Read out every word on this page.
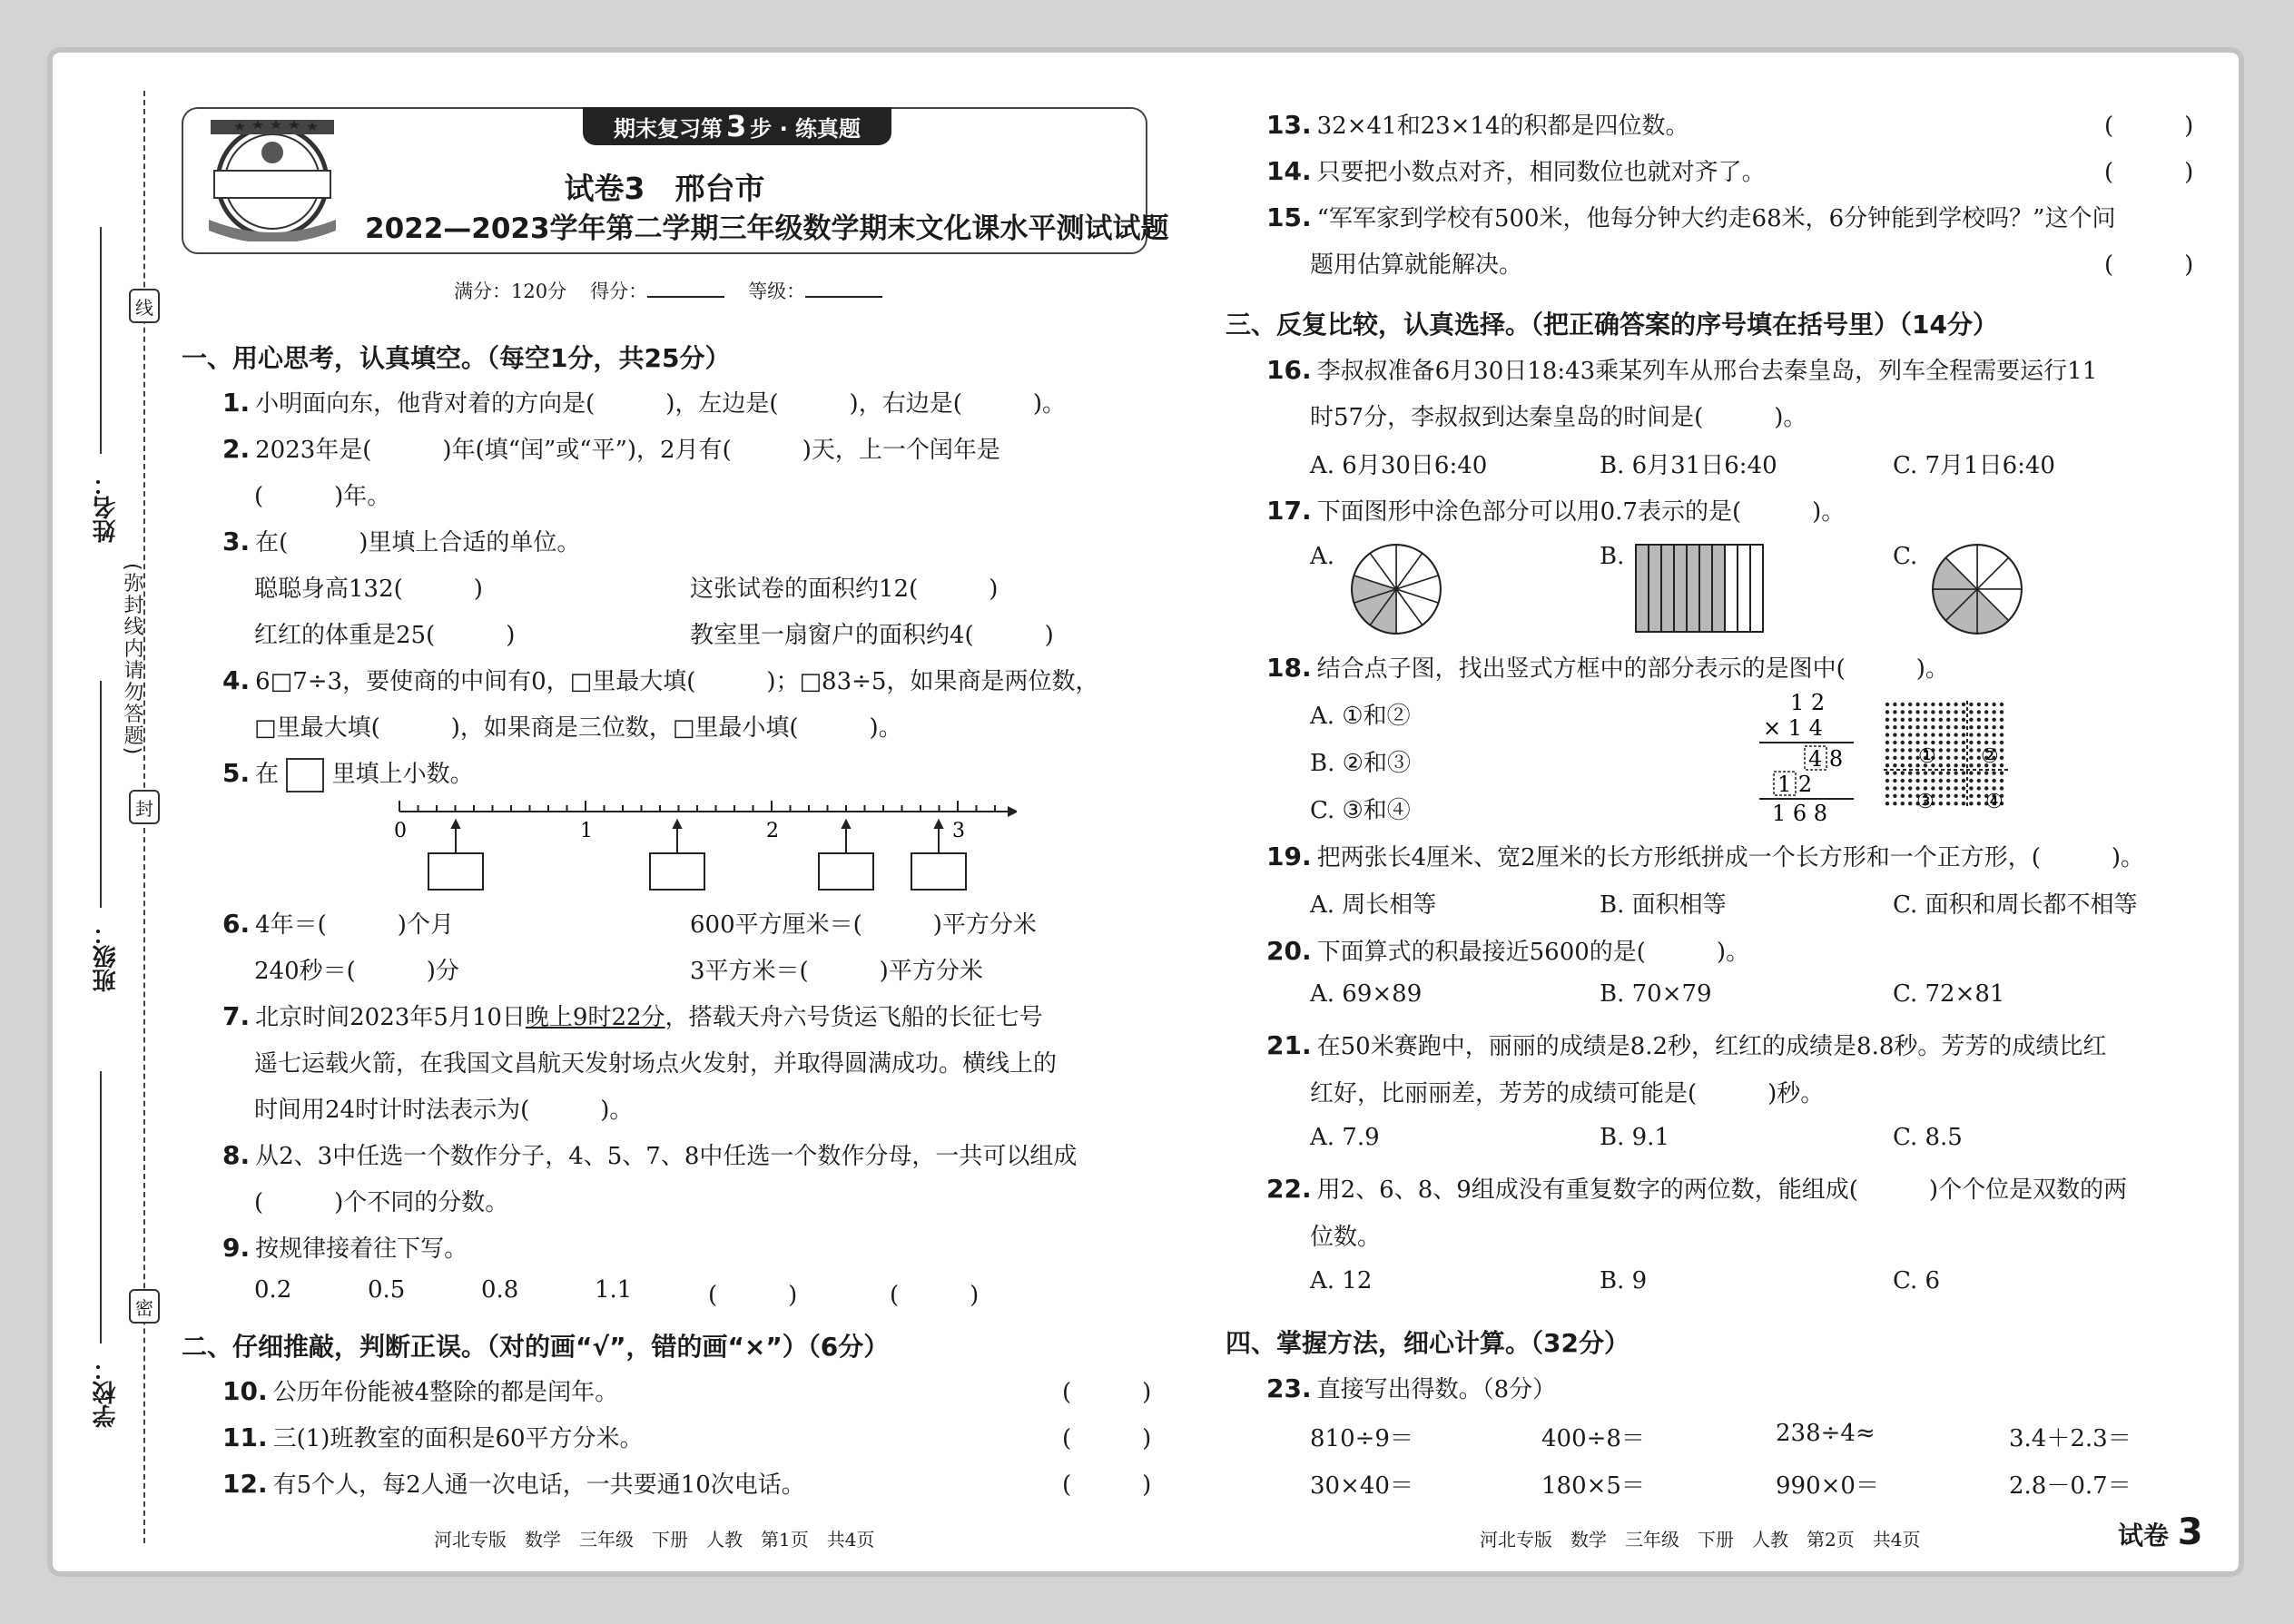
姓名：
班级：
学校：
线
封
密
(弥封线内请勿答题)
期末复习第 3 步 · 练真题
试卷3　邢台市
2022—2023学年第二学期三年级数学期末文化课水平测试试题
满分：120分 得分：	等级：
一、用心思考，认真填空。（每空1分，共25分）
1. 小明面向东，他背对着的方向是(　　　)，左边是(　　　)，右边是(　　　)。
2. 2023年是(　　　)年(填“闰”或“平”)，2月有(　　　)天，上一个闰年是
(　　　)年。
3. 在(　　　)里填上合适的单位。
聪聪身高132(　　　)	这张试卷的面积约12(　　　)
红红的体重是25(　　　)	教室里一扇窗户的面积约4(　　　)
4. 6□7÷3，要使商的中间有0，□里最大填(　　　)；□83÷5，如果商是两位数，
□里最大填(　　　)，如果商是三位数，□里最小填(　　　)。
5. 在 里填上小数。
0	1	2	3
6. 4年＝(　　　)个月	600平方厘米＝(　　　)平方分米
240秒＝(　　　)分	3平方米＝(　　　)平方分米
7. 北京时间2023年5月10日晚上9时22分，搭载天舟六号货运飞船的长征七号
遥七运载火箭，在我国文昌航天发射场点火发射，并取得圆满成功。横线上的
时间用24时计时法表示为(　　　)。
8. 从2、3中任选一个数作分子，4、5、7、8中任选一个数作分母，一共可以组成
(　　　)个不同的分数。
9. 按规律接着往下写。
0.2	0.5	0.8	1.1	(　　　)	(　　　)
二、仔细推敲，判断正误。（对的画“√”，错的画“×”）（6分）
10. 公历年份能被4整除的都是闰年。	(　　　)
11. 三(1)班教室的面积是60平方分米。	(　　　)
12. 有5个人，每2人通一次电话，一共要通10次电话。	(　　　)
河北专版　数学　三年级　下册　人教　第1页　共4页
13. 32×41和23×14的积都是四位数。	(　　　)
14. 只要把小数点对齐，相同数位也就对齐了。	(　　　)
15. “军军家到学校有500米，他每分钟大约走68米，6分钟能到学校吗？”这个问
题用估算就能解决。	(　　　)
三、反复比较，认真选择。（把正确答案的序号填在括号里）（14分）
16. 李叔叔准备6月30日18:43乘某列车从邢台去秦皇岛，列车全程需要运行11
时57分，李叔叔到达秦皇岛的时间是(　　　)。
A. 6月30日6:40	B. 6月31日6:40	C. 7月1日6:40
17. 下面图形中涂色部分可以用0.7表示的是(　　　)。
A.	B.	C.
18. 结合点子图，找出竖式方框中的部分表示的是图中(　　　)。
A. ①和②
B. ②和③
C. ③和④
1 2
× 1 4
4 8
1 2
1 6 8
① ②
③	④
19. 把两张长4厘米、宽2厘米的长方形纸拼成一个长方形和一个正方形，(　　　)。
A. 周长相等	B. 面积相等	C. 面积和周长都不相等
20. 下面算式的积最接近5600的是(　　　)。
A. 69×89	B. 70×79	C. 72×81
21. 在50米赛跑中，丽丽的成绩是8.2秒，红红的成绩是8.8秒。芳芳的成绩比红
红好，比丽丽差，芳芳的成绩可能是(　　　)秒。
A. 7.9	B. 9.1	C. 8.5
22. 用2、6、8、9组成没有重复数字的两位数，能组成(　　　)个个位是双数的两
位数。
A. 12	B. 9	C. 6
四、掌握方法，细心计算。（32分）
23. 直接写出得数。（8分）
810÷9＝	400÷8＝	238÷4≈	3.4＋2.3＝
30×40＝	180×5＝	990×0＝	2.8－0.7＝
河北专版　数学　三年级　下册　人教　第2页　共4页	试卷 3
